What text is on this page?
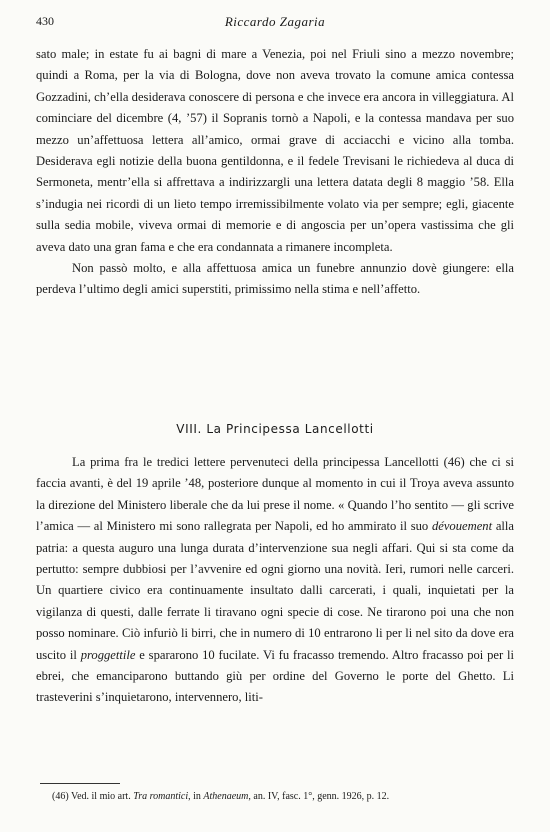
430	Riccardo Zagaria

sato male; in estate fu ai bagni di mare a Venezia, poi nel Friuli sino a mezzo novembre; quindi a Roma, per la via di Bologna, dove non aveva trovato la comune amica contessa Gozzadini, ch’ella desiderava conoscere di persona e che invece era ancora in villeggiatura. Al cominciare del dicembre (4, ’57) il Sopranis tornò a Napoli, e la contessa mandava per suo mezzo un’affettuosa lettera all’amico, ormai grave di acciacchi e vicino alla tomba. Desiderava egli notizie della buona gentildonna, e il fedele Trevisani le richiedeva al duca di Sermoneta, mentr’ella si affrettava a indirizzargli una lettera datata degli 8 maggio ’58. Ella s’indugia nei ricordi di un lieto tempo irremissibilmente volato via per sempre; egli, giacente sulla sedia mobile, viveva ormai di memorie e di angoscia per un’opera vastissima che gli aveva dato una gran fama e che era condannata a rimanere incompleta.

Non passò molto, e alla affettuosa amica un funebre annunzio dovè giungere: ella perdeva l’ultimo degli amici superstiti, primissimo nella stima e nell’affetto.

VIII. La Principessa Lancellotti

La prima fra le tredici lettere pervenuteci della principessa Lancellotti (46) che ci si faccia avanti, è del 19 aprile ’48, posteriore dunque al momento in cui il Troya aveva assunto la direzione del Ministero liberale che da lui prese il nome. « Quando l’ho sentito — gli scrive l’amica — al Ministero mi sono rallegrata per Napoli, ed ho ammirato il suo dévouement alla patria: a questa auguro una lunga durata d’intervenzione sua negli affari. Qui si sta come da pertutto: sempre dubbiosi per l’avvenire ed ogni giorno una novità. Ieri, rumori nelle carceri. Un quartiere civico era continuamente insultato dalli carcerati, i quali, inquietati per la vigilanza di questi, dalle ferrate li tiravano ogni specie di cose. Ne tirarono poi una che non posso nominare. Ciò infuriò li birri, che in numero di 10 entrarono li per li nel sito da dove era uscito il proggettile e spararono 10 fucilate. Vi fu fracasso tremendo. Altro fracasso poi per li ebrei, che emanciparono buttando giù per ordine del Governo le porte del Ghetto. Li trasteverini s’inquietarono, intervennero, liti-

(46) Ved. il mio art. Tra romantici, in Athenaeum, an. IV, fasc. 1°, genn. 1926, p. 12.
